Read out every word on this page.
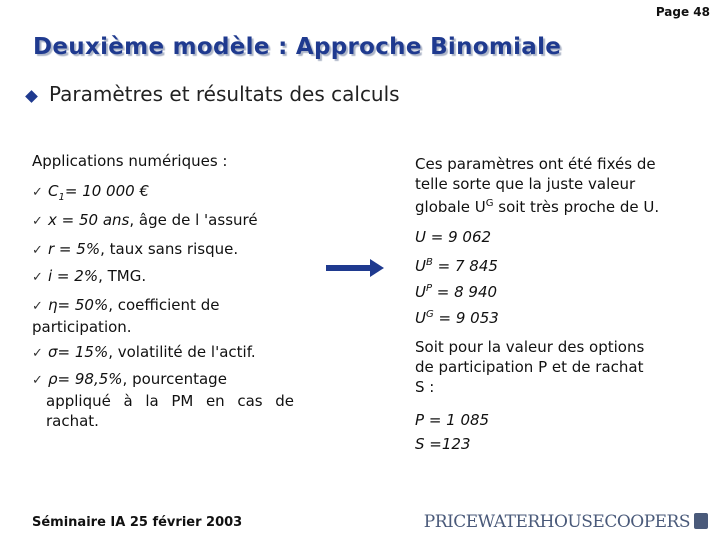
Page 48
Deuxième modèle : Approche Binomiale
Paramètres et résultats des calculs
Applications numériques :
✓ $C_1= 10$ 000 €
✓ x = 50 ans, âge de l 'assuré
✓ r = 5%, taux sans risque.
✓ i = 2%, TMG.
✓ η= 50%, coefficient de participation.
✓ σ= 15%, volatilité de l'actif.
✓ ρ= 98,5%, pourcentage
appliqué à la PM en cas de
rachat.
Ces paramètres ont été fixés de
telle sorte que la juste valeur
globale $U^G$ soit très proche de U.
U = 9 062
$U^B = 7$ 845
$U^P = 8$ 940
$U^G = 9$ 053
Soit pour la valeur des options
de participation P et de rachat
S :
P = 1 085
S =123
Séminaire IA 25 février 2003	PRICEWATERHOUSECOOPERS
